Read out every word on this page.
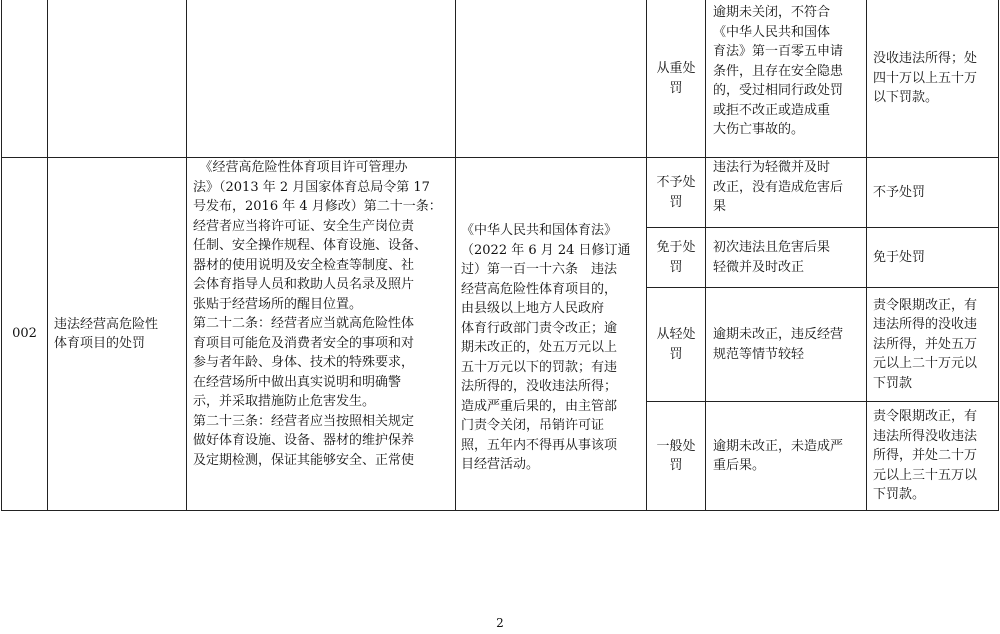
从重处
罚
逾期未关闭，不符合
《中华人民共和国体
育法》第一百零五申请
条件，且存在安全隐患
的，受过相同行政处罚
或拒不改正或造成重
大伤亡事故的。
没收违法所得；处
四十万以上五十万
以下罚款。
002
违法经营高危险性
体育项目的处罚
　《经营高危险性体育项目许可管理办
法》（2013 年 2 月国家体育总局令第 17
号发布，2016 年 4 月修改）第二十一条：
经营者应当将许可证、安全生产岗位责
任制、安全操作规程、体育设施、设备、
器材的使用说明及安全检查等制度、社
会体育指导人员和救助人员名录及照片
张贴于经营场所的醒目位置。
第二十二条：经营者应当就高危险性体
育项目可能危及消费者安全的事项和对
参与者年龄、身体、技术的特殊要求，
在经营场所中做出真实说明和明确警
示，并采取措施防止危害发生。
第二十三条：经营者应当按照相关规定
做好体育设施、设备、器材的维护保养
及定期检测，保证其能够安全、正常使
《中华人民共和国体育法》
（2022 年 6 月 24 日修订通
过）第一百一十六条　违法
经营高危险性体育项目的，
由县级以上地方人民政府
体育行政部门责令改正；逾
期未改正的，处五万元以上
五十万元以下的罚款；有违
法所得的，没收违法所得；
造成严重后果的，由主管部
门责令关闭，吊销许可证
照，五年内不得再从事该项
目经营活动。
不予处
罚
违法行为轻微并及时
改正，没有造成危害后
果
不予处罚
免于处
罚
初次违法且危害后果
轻微并及时改正
免于处罚
从轻处
罚
逾期未改正，违反经营
规范等情节较轻
责令限期改正，有
违法所得的没收违
法所得，并处五万
元以上二十万元以
下罚款
一般处
罚
逾期未改正，未造成严
重后果。
责令限期改正，有
违法所得没收违法
所得，并处二十万
元以上三十五万以
下罚款。
2
